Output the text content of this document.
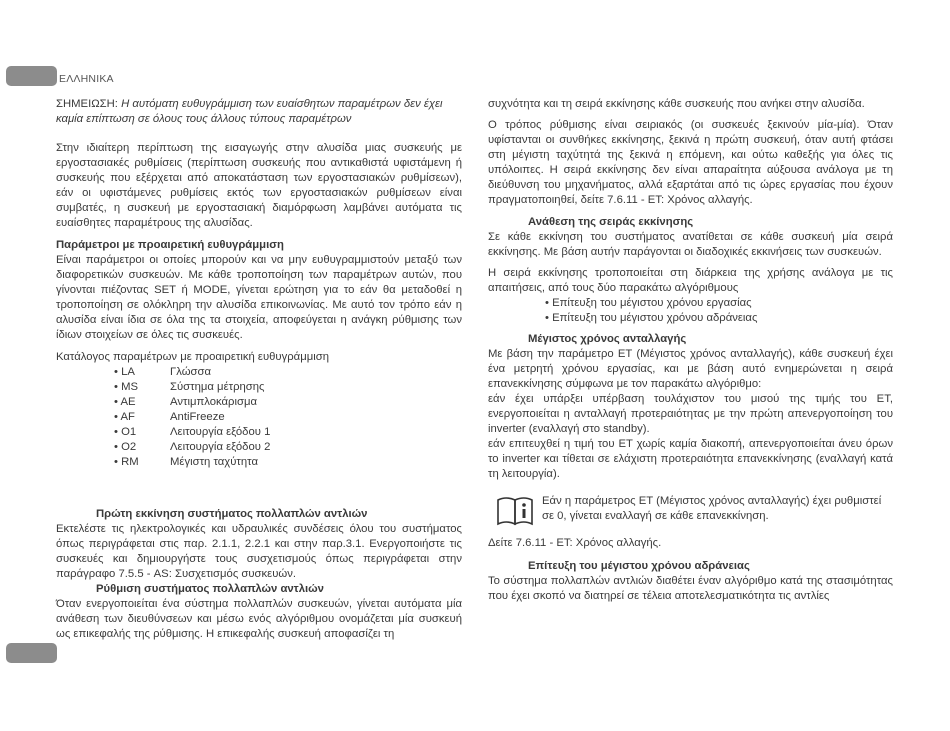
ΕΛΛΗΝΙΚΑ

ΣΗΜΕΙΩΣΗ: Η αυτόματη ευθυγράμμιση των ευαίσθητων παραμέτρων δεν έχει καμία επίπτωση σε όλους τους άλλους τύπους παραμέτρων

Στην ιδιαίτερη περίπτωση της εισαγωγής στην αλυσίδα μιας συσκευής με εργοστασιακές ρυθμίσεις (περίπτωση συσκευής που αντικαθιστά υφιστάμενη ή συσκευής που εξέρχεται από αποκατάσταση των εργοστασιακών ρυθμίσεων), εάν οι υφιστάμενες ρυθμίσεις εκτός των εργοστασιακών ρυθμίσεων είναι συμβατές, η συσκευή με εργοστασιακή διαμόρφωση λαμβάνει αυτόματα τις ευαίσθητες παραμέτρους της αλυσίδας.

Παράμετροι με προαιρετική ευθυγράμμιση

Είναι παράμετροι οι οποίες μπορούν και να μην ευθυγραμμιστούν μεταξύ των διαφορετικών συσκευών. Με κάθε τροποποίηση των παραμέτρων αυτών, που γίνονται πιέζοντας SET ή MODE, γίνεται ερώτηση για το εάν θα μεταδοθεί η τροποποίηση σε ολόκληρη την αλυσίδα επικοινωνίας. Με αυτό τον τρόπο εάν η αλυσίδα είναι ίδια σε όλα της τα στοιχεία, αποφεύγεται η ανάγκη ρύθμισης των ίδιων στοιχείων σε όλες τις συσκευές.

Κατάλογος παραμέτρων με προαιρετική ευθυγράμμιση

• LA	Γλώσσα
• MS	Σύστημα μέτρησης
• AE	Αντιμπλοκάρισμα
• AF	AntiFreeze
• O1	Λειτουργία εξόδου 1
• O2	Λειτουργία εξόδου 2
• RM	Μέγιστη ταχύτητα

Πρώτη εκκίνηση συστήματος πολλαπλών αντλιών

Εκτελέστε τις ηλεκτρολογικές και υδραυλικές συνδέσεις όλου του συστήματος όπως περιγράφεται στις παρ. 2.1.1, 2.2.1 και στην παρ.3.1. Ενεργοποιήστε τις συσκευές και δημιουργήστε τους συσχετισμούς όπως περιγράφεται στην παράγραφο 7.5.5 - AS: Συσχετισμός συσκευών.

Ρύθμιση συστήματος πολλαπλών αντλιών

Όταν ενεργοποιείται ένα σύστημα πολλαπλών συσκευών, γίνεται αυτόματα μία ανάθεση των διευθύνσεων και μέσω ενός αλγόριθμου ονομάζεται μία συσκευή ως επικεφαλής της ρύθμισης. Η επικεφαλής συσκευή αποφασίζει τη

συχνότητα και τη σειρά εκκίνησης κάθε συσκευής που ανήκει στην αλυσίδα.

Ο τρόπος ρύθμισης είναι σειριακός (οι συσκευές ξεκινούν μία-μία). Όταν υφίστανται οι συνθήκες εκκίνησης, ξεκινά η πρώτη συσκευή, όταν αυτή φτάσει στη μέγιστη ταχύτητά της ξεκινά η επόμενη, και ούτω καθεξής για όλες τις υπόλοιπες. Η σειρά εκκίνησης δεν είναι απαραίτητα αύξουσα ανάλογα με τη διεύθυνση του μηχανήματος, αλλά εξαρτάται από τις ώρες εργασίας που έχουν πραγματοποιηθεί, δείτε 7.6.11 - ET: Χρόνος αλλαγής.

Ανάθεση της σειράς εκκίνησης

Σε κάθε εκκίνηση του συστήματος ανατίθεται σε κάθε συσκευή μία σειρά εκκίνησης. Με βάση αυτήν παράγονται οι διαδοχικές εκκινήσεις των συσκευών.

Η σειρά εκκίνησης τροποποιείται στη διάρκεια της χρήσης ανάλογα με τις απαιτήσεις, από τους δύο παρακάτω αλγόριθμους

• Επίτευξη του μέγιστου χρόνου εργασίας
• Επίτευξη του μέγιστου χρόνου αδράνειας

Μέγιστος χρόνος ανταλλαγής

Με βάση την παράμετρο ET (Μέγιστος χρόνος ανταλλαγής), κάθε συσκευή έχει ένα μετρητή χρόνου εργασίας, και με βάση αυτό ενημερώνεται η σειρά επανεκκίνησης σύμφωνα με τον παρακάτω αλγόριθμο:

εάν έχει υπάρξει υπέρβαση τουλάχιστον του μισού της τιμής του ET, ενεργοποιείται η ανταλλαγή προτεραιότητας με την πρώτη απενεργοποίηση του inverter (εναλλαγή στο standby).

εάν επιτευχθεί η τιμή του ET χωρίς καμία διακοπή, απενεργοποιείται άνευ όρων το inverter και τίθεται σε ελάχιστη προτεραιότητα επανεκκίνησης (εναλλαγή κατά τη λειτουργία).

Εάν η παράμετρος ET (Μέγιστος χρόνος ανταλλαγής) έχει ρυθμιστεί σε 0, γίνεται εναλλαγή σε κάθε επανεκκίνηση.

Δείτε 7.6.11 - ET: Χρόνος αλλαγής.

Επίτευξη του μέγιστου χρόνου αδράνειας

Το σύστημα πολλαπλών αντλιών διαθέτει έναν αλγόριθμο κατά της στασιμότητας που έχει σκοπό να διατηρεί σε τέλεια αποτελεσματικότητα τις αντλίες
